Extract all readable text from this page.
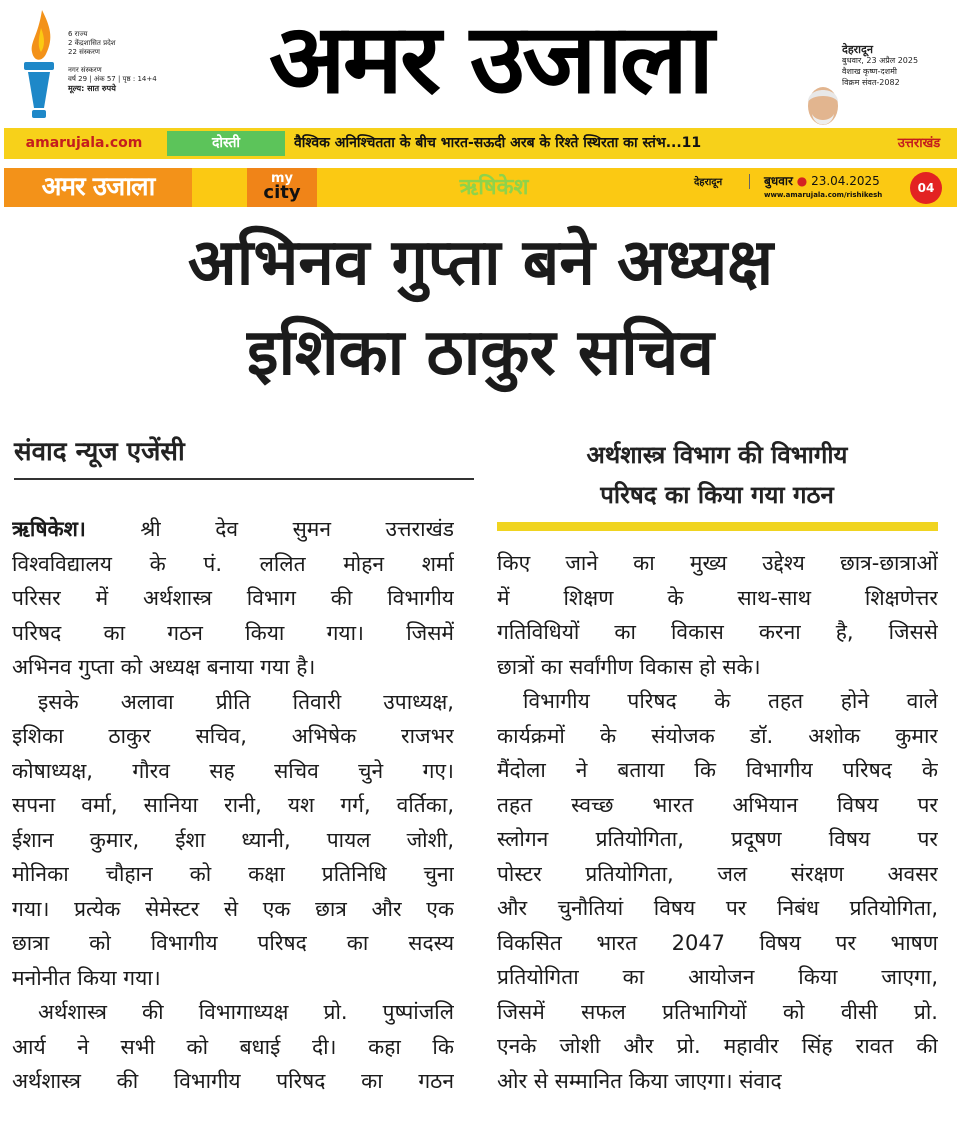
6 राज्य
2 केंद्रशासित प्रदेश
22 संस्करण
नगर संस्करण
वर्ष 29 | अंक 57 | पृष्ठ : 14+4
मूल्य: सात रुपये	अमर उजाला	देहरादून
बुधवार, 23 अप्रैल 2025
वैशाख कृष्ण-दशमी
विक्रम संवत-2082
amarujala.com	दोस्ती	वैश्विक अनिश्चितता के बीच भारत-सऊदी अरब के रिश्ते स्थिरता का स्तंभ...11	उत्तराखंड
अमर उजाला	my
city	ऋषिकेश	देहरादून	बुधवार ● 23.04.2025
www.amarujala.com/rishikesh	04
अभिनव गुप्ता बने अध्यक्ष
इशिका ठाकुर सचिव
संवाद न्यूज एजेंसी	अर्थशास्त्र विभाग की विभागीय
परिषद का किया गया गठन
ऋषिकेश। श्री देव सुमन उत्तराखंड
विश्वविद्यालय के पं. ललित मोहन शर्मा
परिसर में अर्थशास्त्र विभाग की विभागीय
परिषद का गठन किया गया। जिसमें
अभिनव गुप्ता को अध्यक्ष बनाया गया है।
इसके अलावा प्रीति तिवारी उपाध्यक्ष,
इशिका ठाकुर सचिव, अभिषेक राजभर
कोषाध्यक्ष, गौरव सह सचिव चुने गए।
सपना वर्मा, सानिया रानी, यश गर्ग, वर्तिका,
ईशान कुमार, ईशा ध्यानी, पायल जोशी,
मोनिका चौहान को कक्षा प्रतिनिधि चुना
गया। प्रत्येक सेमेस्टर से एक छात्र और एक
छात्रा को विभागीय परिषद का सदस्य
मनोनीत किया गया।
अर्थशास्त्र की विभागाध्यक्ष प्रो. पुष्पांजलि
आर्य ने सभी को बधाई दी। कहा कि
अर्थशास्त्र की विभागीय परिषद का गठन
किए जाने का मुख्य उद्देश्य छात्र-छात्राओं
में शिक्षण के साथ-साथ शिक्षणेत्तर
गतिविधियों का विकास करना है, जिससे
छात्रों का सर्वांगीण विकास हो सके।
विभागीय परिषद के तहत होने वाले
कार्यक्रमों के संयोजक डॉ. अशोक कुमार
मैंदोला ने बताया कि विभागीय परिषद के
तहत स्वच्छ भारत अभियान विषय पर
स्लोगन प्रतियोगिता, प्रदूषण विषय पर
पोस्टर प्रतियोगिता, जल संरक्षण अवसर
और चुनौतियां विषय पर निबंध प्रतियोगिता,
विकसित भारत 2047 विषय पर भाषण
प्रतियोगिता का आयोजन किया जाएगा,
जिसमें सफल प्रतिभागियों को वीसी प्रो.
एनके जोशी और प्रो. महावीर सिंह रावत की
ओर से सम्मानित किया जाएगा। संवाद
